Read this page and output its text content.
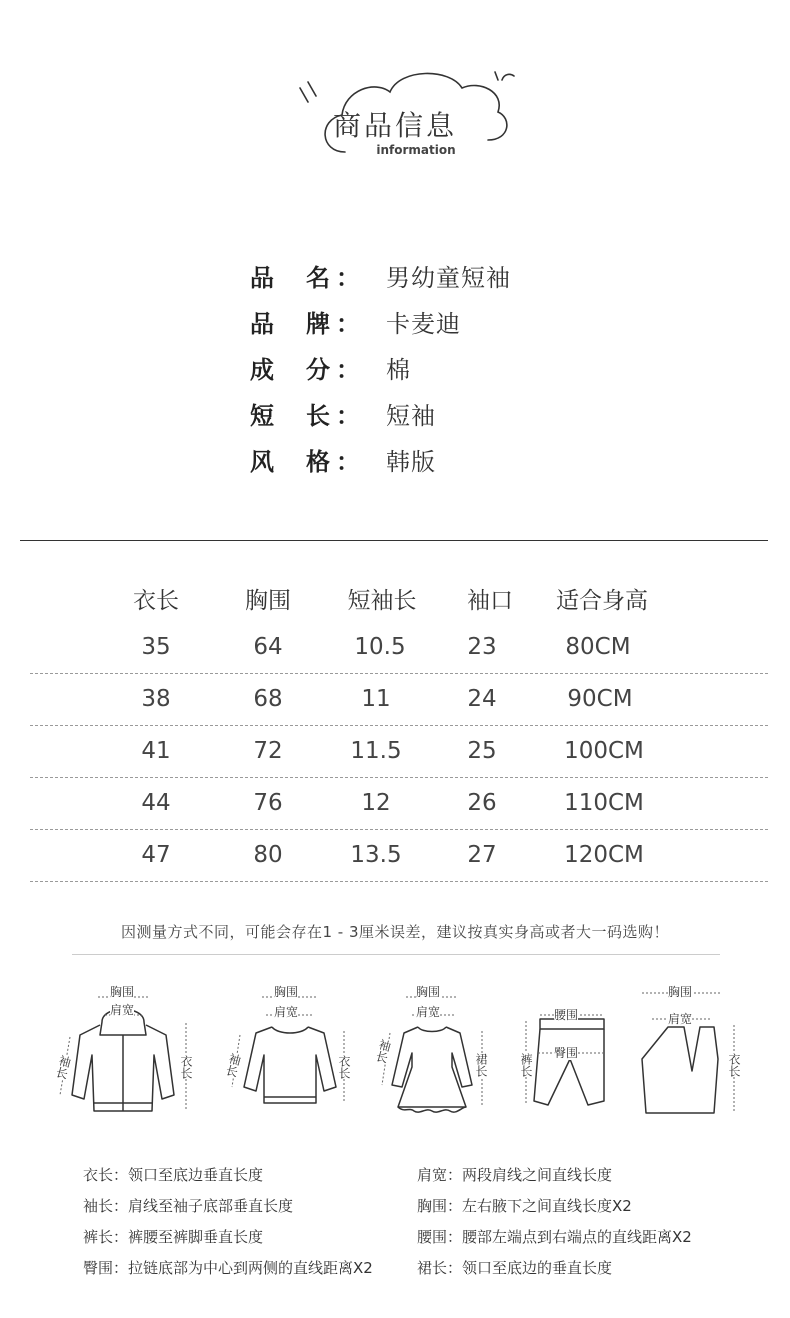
商品信息
information
品 名 ： 男幼童短袖
品 牌 ： 卡麦迪
成 分 ： 棉
短 长 ： 短袖
风 格 ： 韩版
衣长	胸围 短袖长 袖口 适合身高
35	64	10.5	23	80CM
38	68	11	24	90CM
41	72	11.5	25	100CM
44	76	12	26	110CM
47	80	13.5	27	120CM
因测量方式不同，可能会存在1 - 3厘米误差，建议按真实身高或者大一码选购！
胸围
肩宽
袖长	衣长
胸围
肩宽
袖长	衣长
胸围
肩宽
袖长
裙长
腰围
臀围
裤长
胸围
肩宽
衣长
衣长：领口至底边垂直长度	肩宽：两段肩线之间直线长度
袖长：肩线至袖子底部垂直长度	胸围：左右腋下之间直线长度X2
裤长：裤腰至裤脚垂直长度	腰围：腰部左端点到右端点的直线距离X2
臀围：拉链底部为中心到两侧的直线距离X2	裙长：领口至底边的垂直长度
